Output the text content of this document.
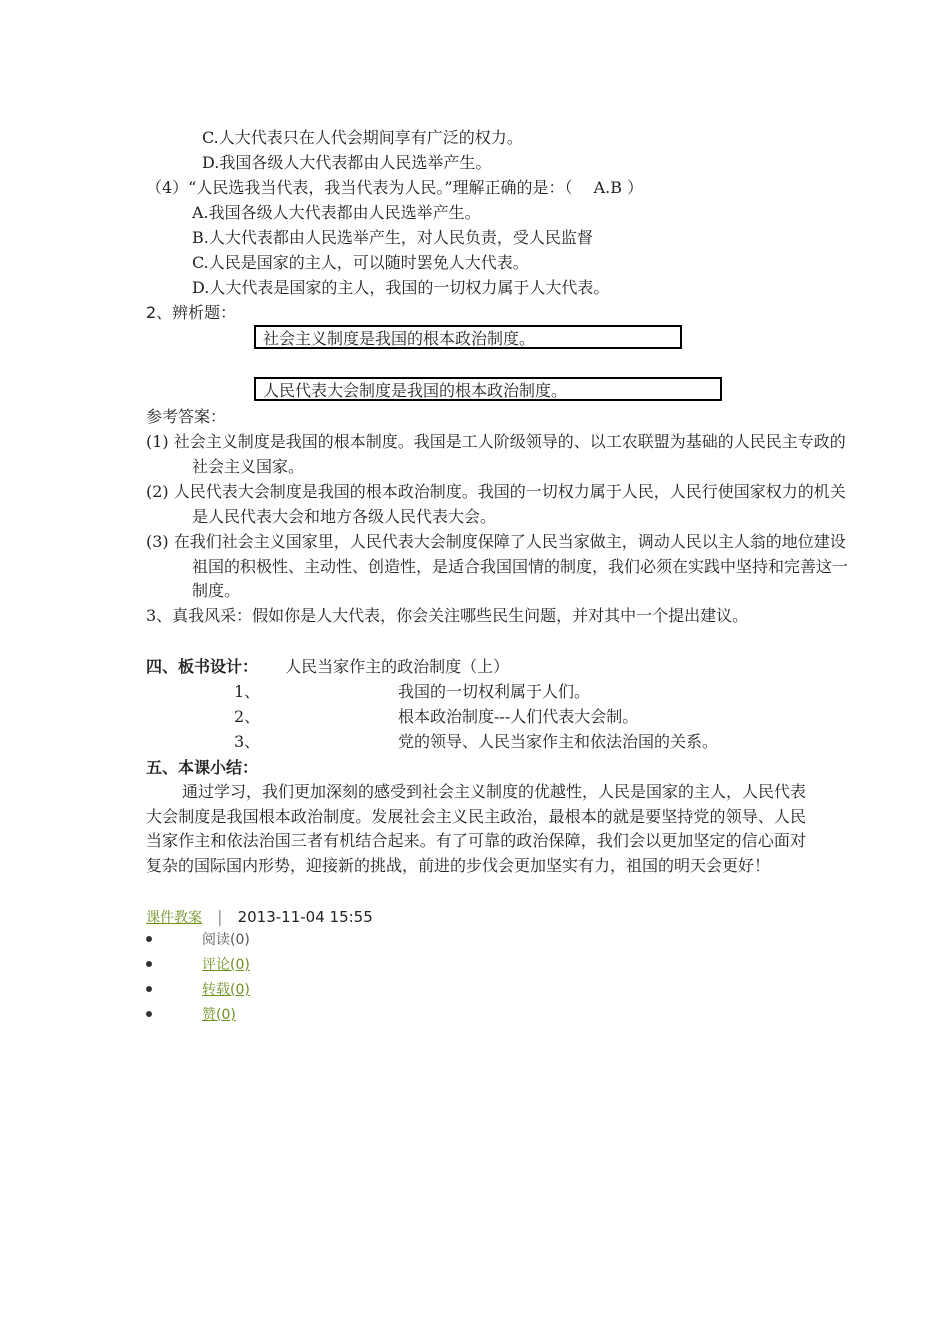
C.人大代表只在人代会期间享有广泛的权力。
D.我国各级人大代表都由人民选举产生。
（4）“人民选我当代表，我当代表为人民。”理解正确的是：（　 A.B ）
A.我国各级人大代表都由人民选举产生。
B.人大代表都由人民选举产生，对人民负责，受人民监督
C.人民是国家的主人，可以随时罢免人大代表。
D.人大代表是国家的主人，我国的一切权力属于人大代表。
2、辨析题：
社会主义制度是我国的根本政治制度。
人民代表大会制度是我国的根本政治制度。
参考答案：
(1) 社会主义制度是我国的根本制度。我国是工人阶级领导的、以工农联盟为基础的人民民主专政的社会主义国家。
(2) 人民代表大会制度是我国的根本政治制度。我国的一切权力属于人民，人民行使国家权力的机关是人民代表大会和地方各级人民代表大会。
(3) 在我们社会主义国家里，人民代表大会制度保障了人民当家做主，调动人民以主人翁的地位建设祖国的积极性、主动性、创造性，是适合我国国情的制度，我们必须在实践中坚持和完善这一制度。
3、真我风采：假如你是人大代表，你会关注哪些民生问题，并对其中一个提出建议。
四、板书设计： 人民当家作主的政治制度（上）
1、	我国的一切权利属于人们。
2、	根本政治制度---人们代表大会制。
3、	党的领导、人民当家作主和依法治国的关系。
五、本课小结：
通过学习，我们更加深刻的感受到社会主义制度的优越性，人民是国家的主人，人民代表大会制度是我国根本政治制度。发展社会主义民主政治，最根本的就是要坚持党的领导、人民当家作主和依法治国三者有机结合起来。有了可靠的政治保障，我们会以更加坚定的信心面对复杂的国际国内形势，迎接新的挑战，前进的步伐会更加坚实有力，祖国的明天会更好！
课件教案 | 2013-11-04 15:55
阅读(0)
评论(0)
转载(0)
赞(0)
